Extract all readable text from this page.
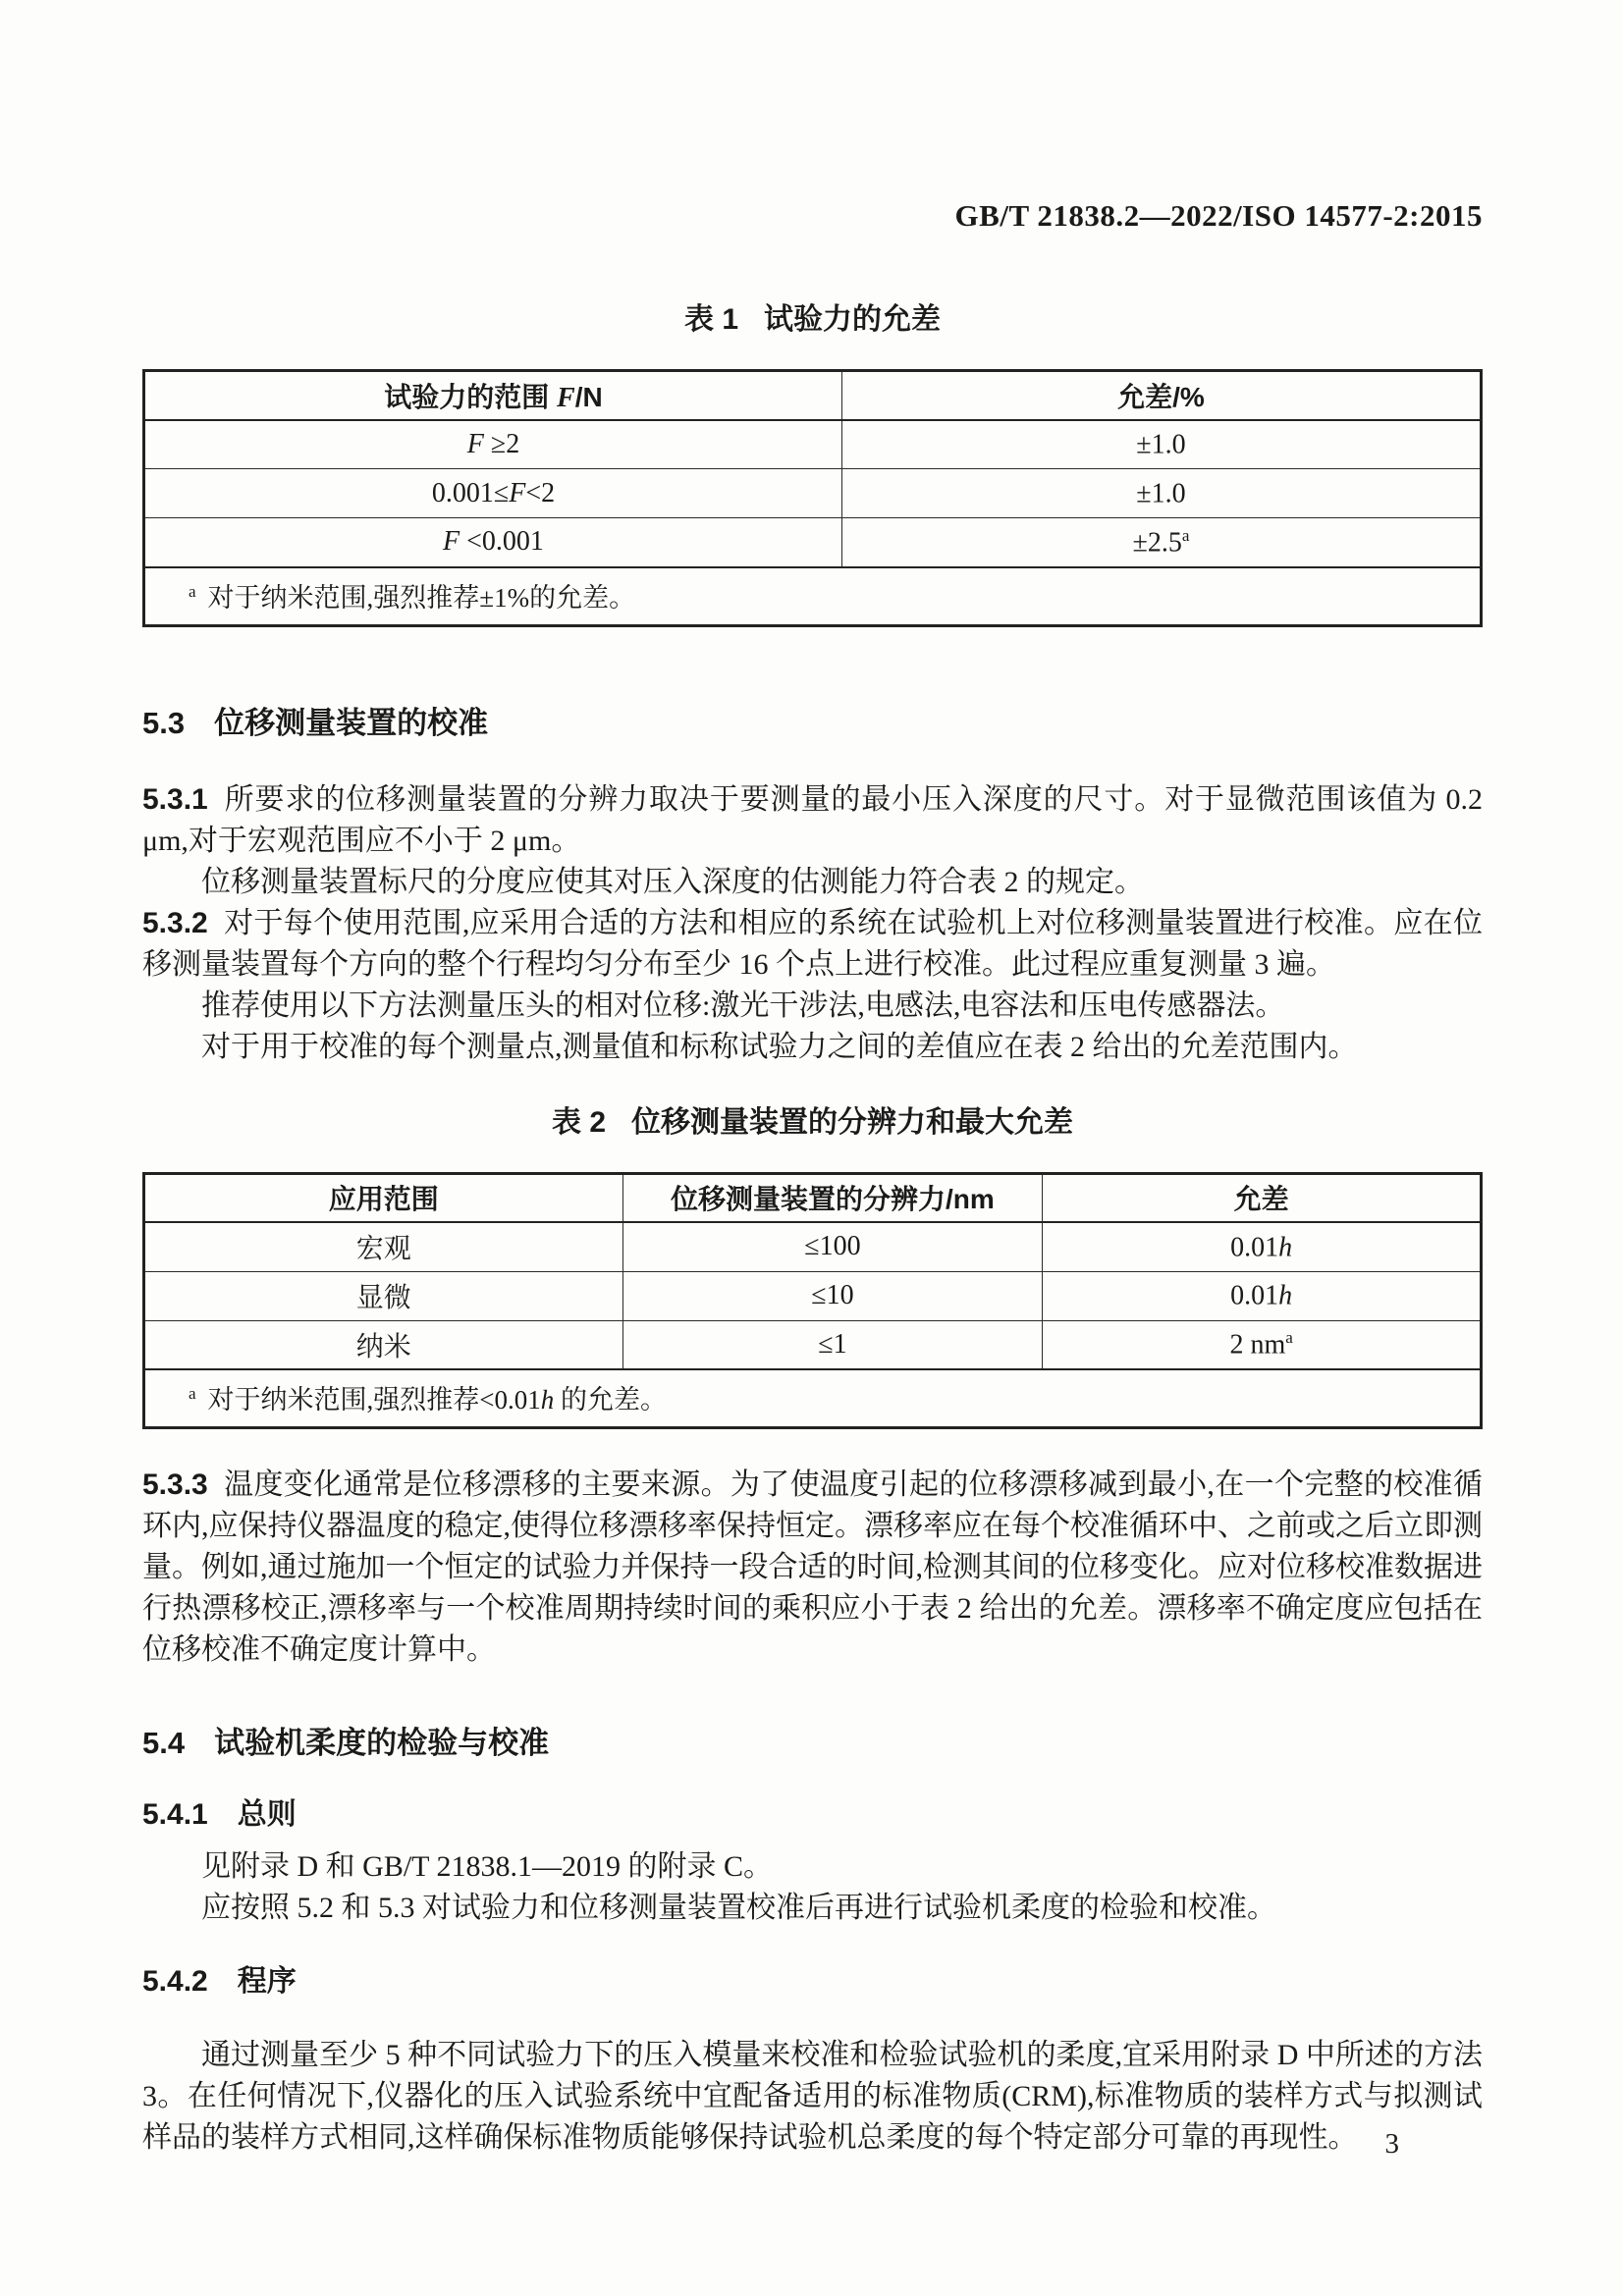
GB/T 21838.2—2022/ISO 14577-2:2015
表 1 试验力的允差
试验力的范围 F/N	允差/%
F ≥2	±1.0
0.001≤F<2	±1.0
F <0.001	±2.5$^a$
$^a$ 对于纳米范围,强烈推荐±1%的允差。	
5.3 位移测量装置的校准

5.3.1 所要求的位移测量装置的分辨力取决于要测量的最小压入深度的尺寸。对于显微范围该值为 0.2 μm,对于宏观范围应不小于 2 μm。

位移测量装置标尺的分度应使其对压入深度的估测能力符合表 2 的规定。

5.3.2 对于每个使用范围,应采用合适的方法和相应的系统在试验机上对位移测量装置进行校准。应在位移测量装置每个方向的整个行程均匀分布至少 16 个点上进行校准。此过程应重复测量 3 遍。

推荐使用以下方法测量压头的相对位移:激光干涉法,电感法,电容法和压电传感器法。

对于用于校准的每个测量点,测量值和标称试验力之间的差值应在表 2 给出的允差范围内。

表 2 位移测量装置的分辨力和最大允差
应用范围	位移测量装置的分辨力/nm	允差
宏观	≤100	0.01h
显微	≤10	0.01h
纳米	≤1	2 $nm^a$
$^a$ 对于纳米范围,强烈推荐<0.01h 的允差。		

5.3.3 温度变化通常是位移漂移的主要来源。为了使温度引起的位移漂移减到最小,在一个完整的校准循环内,应保持仪器温度的稳定,使得位移漂移率保持恒定。漂移率应在每个校准循环中、之前或之后立即测量。例如,通过施加一个恒定的试验力并保持一段合适的时间,检测其间的位移变化。应对位移校准数据进行热漂移校正,漂移率与一个校准周期持续时间的乘积应小于表 2 给出的允差。漂移率不确定度应包括在位移校准不确定度计算中。

5.4 试验机柔度的检验与校准
5.4.1 总则

见附录 D 和 GB/T 21838.1—2019 的附录 C。

应按照 5.2 和 5.3 对试验力和位移测量装置校准后再进行试验机柔度的检验和校准。

5.4.2 程序

通过测量至少 5 种不同试验力下的压入模量来校准和检验试验机的柔度,宜采用附录 D 中所述的方法 3。在任何情况下,仪器化的压入试验系统中宜配备适用的标准物质(CRM),标准物质的装样方式与拟测试样品的装样方式相同,这样确保标准物质能够保持试验机总柔度的每个特定部分可靠的再现性。 3
